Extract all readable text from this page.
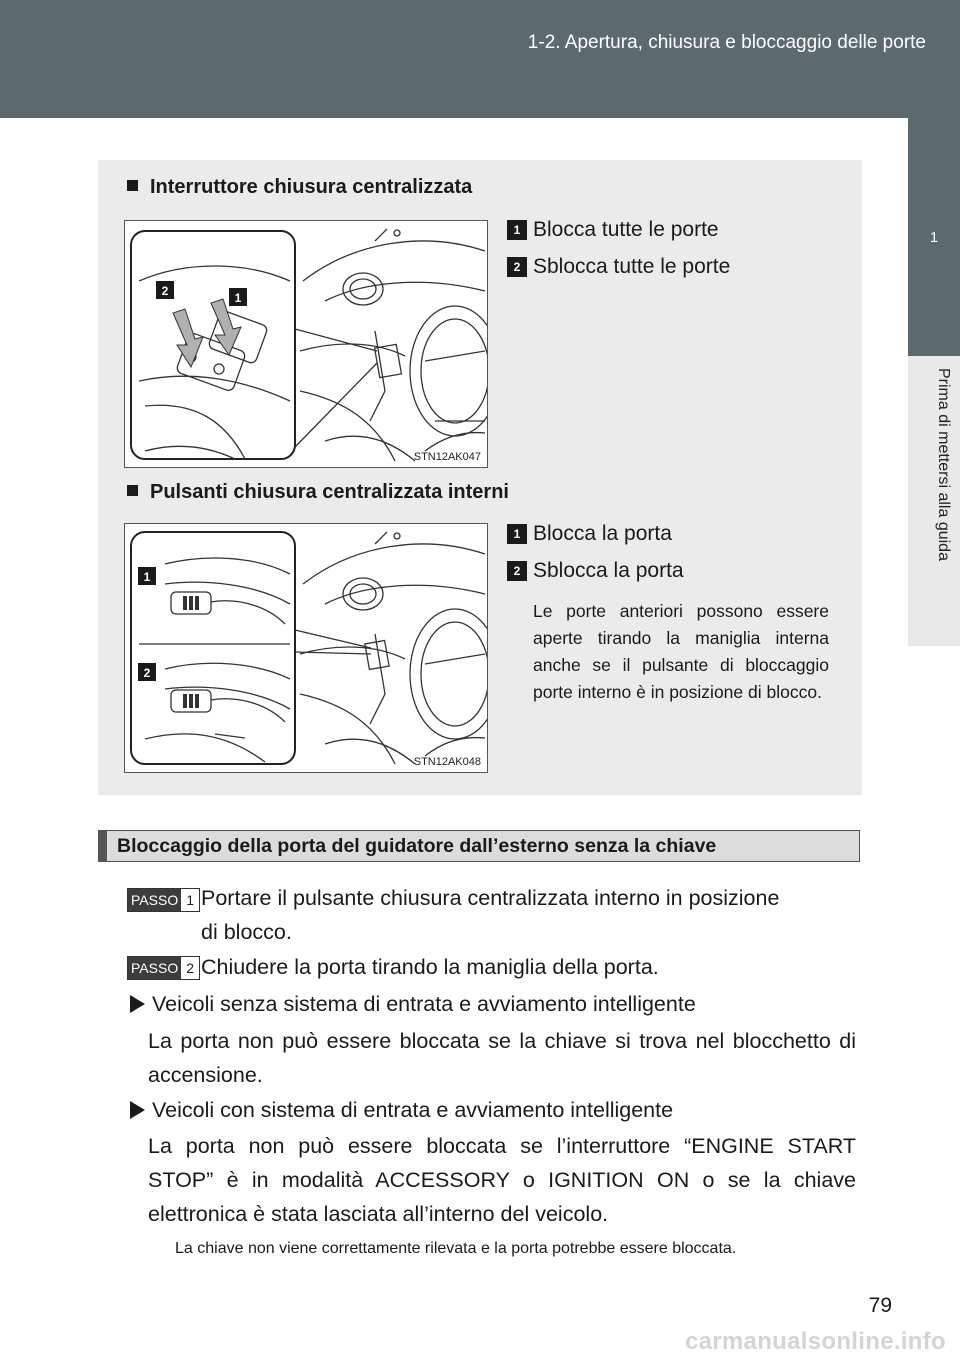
1-2. Apertura, chiusura e bloccaggio delle porte
1
Prima di mettersi alla guida
Interruttore chiusura centralizzata
2	1
STN12AK047
1 Blocca tutte le porte
2 Sblocca tutte le porte
Pulsanti chiusura centralizzata interni
1
2
STN12AK048
1 Blocca la porta
2 Sblocca la porta
Le porte anteriori possono essere aperte tirando la maniglia interna anche se il pulsante di bloccaggio porte interno è in posizione di blocco.
Bloccaggio della porta del guidatore dall’esterno senza la chiave
PASSO 1 Portare il pulsante chiusura centralizzata interno in posizione
di blocco.
PASSO 2 Chiudere la porta tirando la maniglia della porta.
Veicoli senza sistema di entrata e avviamento intelligente
La porta non può essere bloccata se la chiave si trova nel blocchetto di accensione.
Veicoli con sistema di entrata e avviamento intelligente
La porta non può essere bloccata se l’interruttore “ENGINE START STOP” è in modalità ACCESSORY o IGNITION ON o se la chiave elettronica è stata lasciata all’interno del veicolo.
La chiave non viene correttamente rilevata e la porta potrebbe essere bloccata.
79
carmanualsonline.info
